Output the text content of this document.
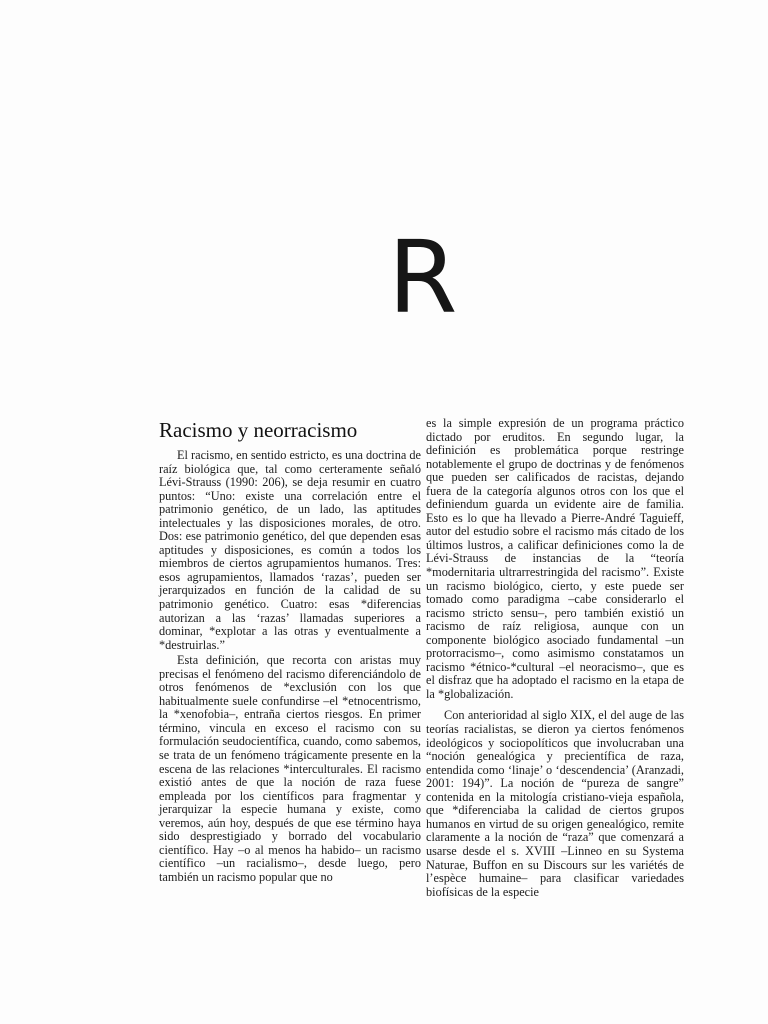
R
Racismo y neorracismo

El racismo, en sentido estricto, es una doctrina de raíz biológica que, tal como certeramente señaló Lévi-Strauss (1990: 206), se deja resumir en cuatro puntos: “Uno: existe una correlación entre el patrimonio genético, de un lado, las aptitudes intelectuales y las disposiciones morales, de otro. Dos: ese patrimonio genético, del que dependen esas aptitudes y disposiciones, es común a todos los miembros de ciertos agrupamientos humanos. Tres: esos agrupamientos, llamados ‘razas’, pueden ser jerarquizados en función de la calidad de su patrimonio genético. Cuatro: esas *diferencias autorizan a las ‘razas’ llamadas superiores a dominar, *explotar a las otras y eventualmente a *destruirlas.”

Esta definición, que recorta con aristas muy precisas el fenómeno del racismo diferenciándolo de otros fenómenos de *exclusión con los que habitualmente suele confundirse –el *etnocentrismo, la *xenofobia–, entraña ciertos riesgos. En primer término, vincula en exceso el racismo con su formulación seudocientífica, cuando, como sabemos, se trata de un fenómeno trágicamente presente en la escena de las relaciones *interculturales. El racismo existió antes de que la noción de raza fuese empleada por los científicos para fragmentar y jerarquizar la especie humana y existe, como veremos, aún hoy, después de que ese término haya sido desprestigiado y borrado del vocabulario científico. Hay –o al menos ha habido– un racismo científico –un racialismo–, desde luego, pero también un racismo popular que no

es la simple expresión de un programa práctico dictado por eruditos. En segundo lugar, la definición es problemática porque restringe notablemente el grupo de doctrinas y de fenómenos que pueden ser calificados de racistas, dejando fuera de la categoría algunos otros con los que el definiendum guarda un evidente aire de familia. Esto es lo que ha llevado a Pierre-André Taguieff, autor del estudio sobre el racismo más citado de los últimos lustros, a calificar definiciones como la de Lévi-Strauss de instancias de la “teoría *modernitaria ultrarrestringida del racismo”. Existe un racismo biológico, cierto, y este puede ser tomado como paradigma –cabe considerarlo el racismo stricto sensu–, pero también existió un racismo de raíz religiosa, aunque con un componente biológico asociado fundamental –un protorracismo–, como asimismo constatamos un racismo *étnico-*cultural –el neoracismo–, que es el disfraz que ha adoptado el racismo en la etapa de la *globalización.

Con anterioridad al siglo XIX, el del auge de las teorías racialistas, se dieron ya ciertos fenómenos ideológicos y sociopolíticos que involucraban una “noción genealógica y precientífica de raza, entendida como ‘linaje’ o ‘descendencia’ (Aranzadi, 2001: 194)”. La noción de “pureza de sangre” contenida en la mitología cristiano-vieja española, que *diferenciaba la calidad de ciertos grupos humanos en virtud de su origen genealógico, remite claramente a la noción de “raza” que comenzará a usarse desde el s. XVIII –Linneo en su Systema Naturae, Buffon en su Discours sur les variétés de l’espèce humaine– para clasificar variedades biofísicas de la especie
